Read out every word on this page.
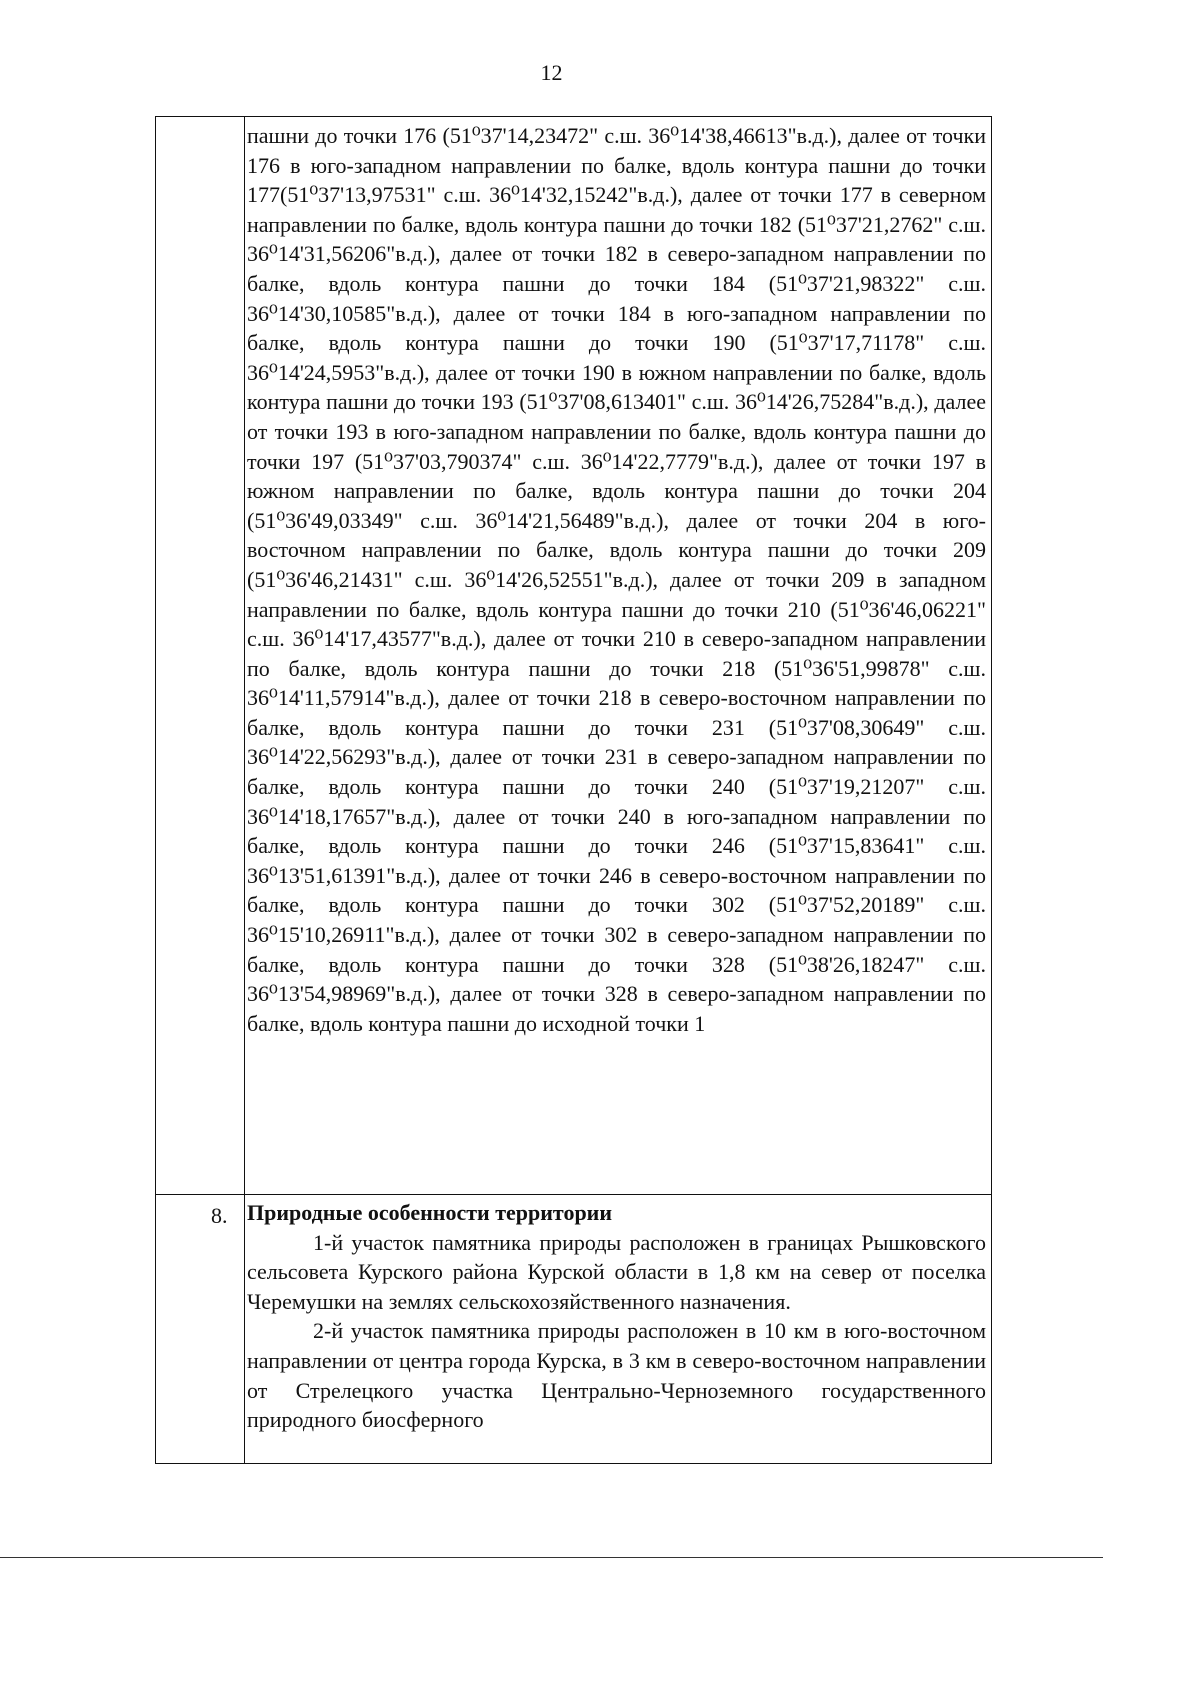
12

пашни до точки 176 (51⁰37'14,23472" с.ш. 36⁰14'38,46613"в.д.), далее от точки 176 в юго-западном направлении по балке, вдоль контура пашни до точки 177(51⁰37'13,97531" с.ш. 36⁰14'32,15242"в.д.), далее от точки 177 в северном направлении по балке, вдоль контура пашни до точки 182 (51⁰37'21,2762" с.ш. 36⁰14'31,56206"в.д.), далее от точки 182 в северо-западном направлении по балке, вдоль контура пашни до точки 184 (51⁰37'21,98322" с.ш. 36⁰14'30,10585"в.д.), далее от точки 184 в юго-западном направлении по балке, вдоль контура пашни до точки 190 (51⁰37'17,71178" с.ш. 36⁰14'24,5953"в.д.), далее от точки 190 в южном направлении по балке, вдоль контура пашни до точки 193 (51⁰37'08,613401" с.ш. 36⁰14'26,75284"в.д.), далее от точки 193 в юго-западном направлении по балке, вдоль контура пашни до точки 197 (51⁰37'03,790374" с.ш. 36⁰14'22,7779"в.д.), далее от точки 197 в южном направлении по балке, вдоль контура пашни до точки 204 (51⁰36'49,03349" с.ш. 36⁰14'21,56489"в.д.), далее от точки 204 в юго-восточном направлении по балке, вдоль контура пашни до точки 209 (51⁰36'46,21431" с.ш. 36⁰14'26,52551"в.д.), далее от точки 209 в западном направлении по балке, вдоль контура пашни до точки 210 (51⁰36'46,06221" с.ш. 36⁰14'17,43577"в.д.), далее от точки 210 в северо-западном направлении по балке, вдоль контура пашни до точки 218 (51⁰36'51,99878" с.ш. 36⁰14'11,57914"в.д.), далее от точки 218 в северо-восточном направлении по балке, вдоль контура пашни до точки 231 (51⁰37'08,30649" с.ш. 36⁰14'22,56293"в.д.), далее от точки 231 в северо-западном направлении по балке, вдоль контура пашни до точки 240 (51⁰37'19,21207" с.ш. 36⁰14'18,17657"в.д.), далее от точки 240 в юго-западном направлении по балке, вдоль контура пашни до точки 246 (51⁰37'15,83641" с.ш. 36⁰13'51,61391"в.д.), далее от точки 246 в северо-восточном направлении по балке, вдоль контура пашни до точки 302 (51⁰37'52,20189" с.ш. 36⁰15'10,26911"в.д.), далее от точки 302 в северо-западном направлении по балке, вдоль контура пашни до точки 328 (51⁰38'26,18247" с.ш. 36⁰13'54,98969"в.д.), далее от точки 328 в северо-западном направлении по балке, вдоль контура пашни до исходной точки 1

8. Природные особенности территории

1-й участок памятника природы расположен в границах Рышковского сельсовета Курского района Курской области в 1,8 км на север от поселка Черемушки на землях сельскохозяйственного назначения.

2-й участок памятника природы расположен в 10 км в юго-восточном направлении от центра города Курска, в 3 км в северо-восточном направлении от Стрелецкого участка Центрально-Черноземного государственного природного биосферного
